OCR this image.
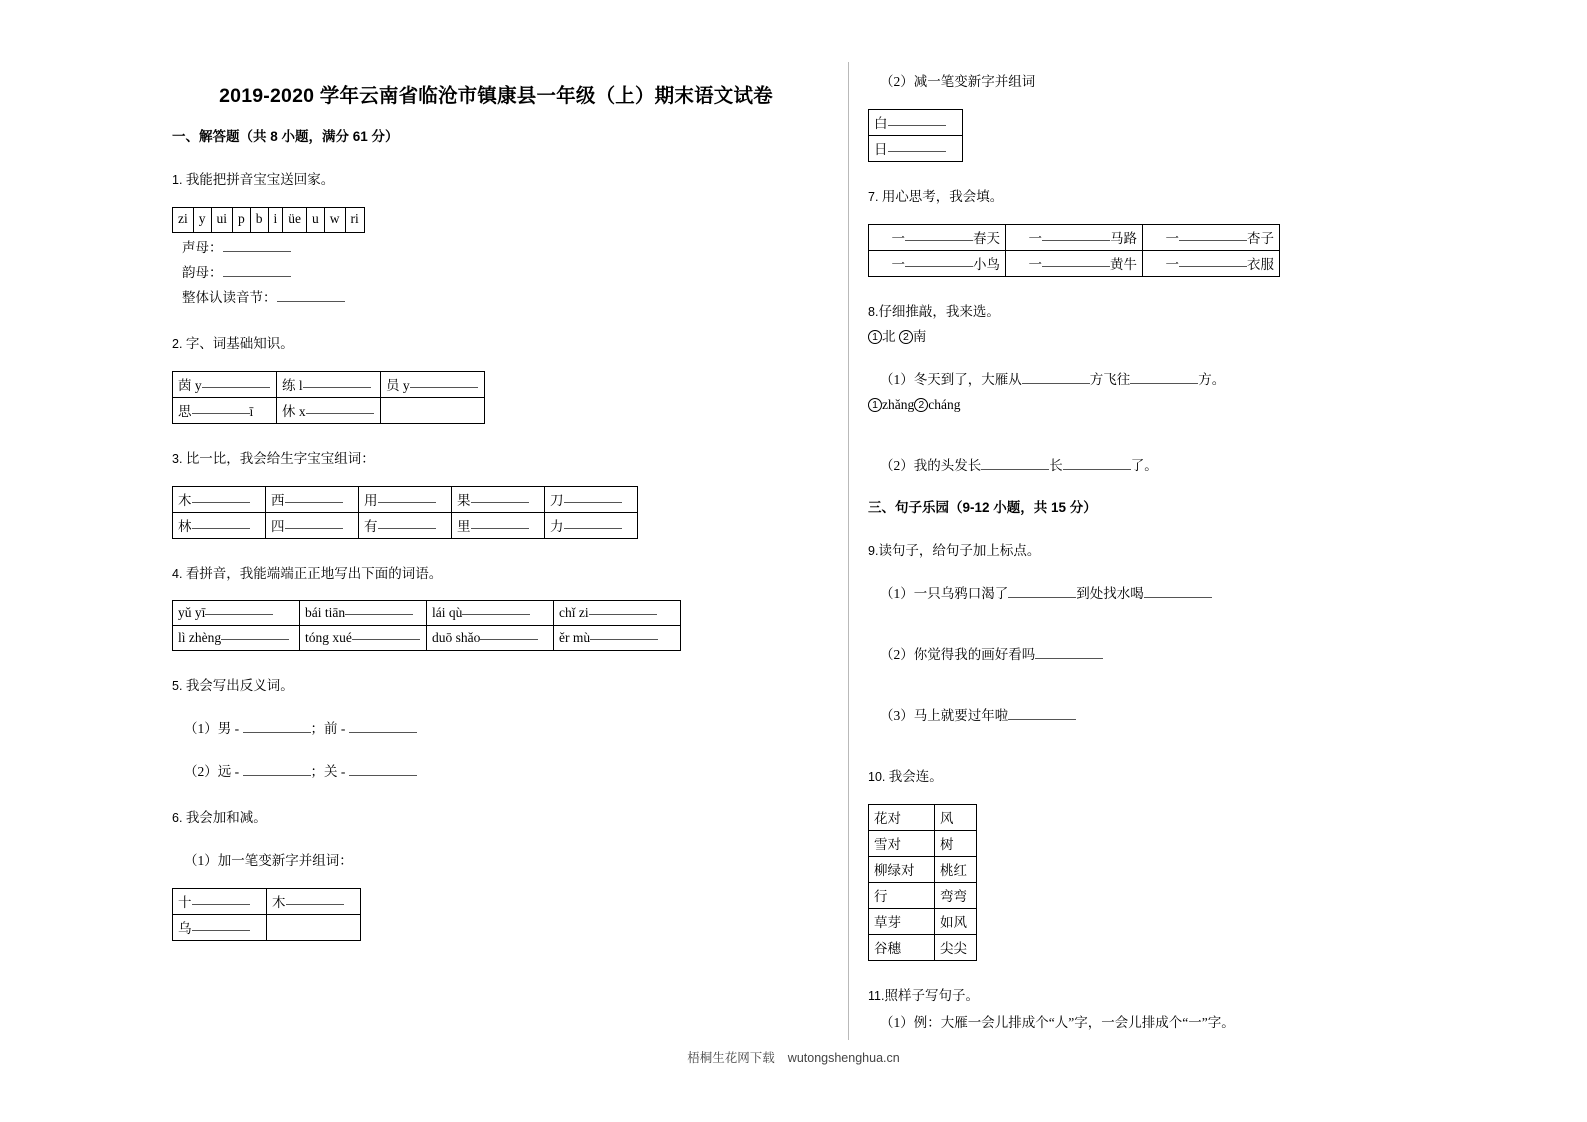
2019-2020 学年云南省临沧市镇康县一年级（上）期末语文试卷
一、解答题（共 8 小题，满分 61 分）
1. 我能把拼音宝宝送回家。
zi	y	ui	p	b	i	üe	u	w	ri
声母：
韵母：
整体认读音节：
2. 字、词基础知识。
茵 y	练 l	员 y
思 ī	休 x	
3. 比一比，我会给生字宝宝组词：
木	西	用	果	刀
林	四	有	里	力
4. 看拼音，我能端端正正地写出下面的词语。
yǔ yī	bái tiān	lái qù	chǐ zi
lì zhèng	tóng xué	duō shǎo	ěr mù
5. 我会写出反义词。
（1）男 -	；前 -
（2）远 -	；关 -
6. 我会加和减。
（1）加一笔变新字并组词：
十	木
乌	
（2）减一笔变新字并组词
白
日
7. 用心思考，我会填。
一 春天	一 马路	一 杏子
一 小鸟	一 黄牛	一 衣服
8.仔细推敲，我来选。
1 北 2 南
（1）冬天到了，大雁从	方飞往	方。
1 zhǎng 2 cháng
（2）我的头发长	长	了。
三、句子乐园（9-12 小题，共 15 分）
9.读句子，给句子加上标点。
（1）一只乌鸦口渴了	到处找水喝
（2）你觉得我的画好看吗
（3）马上就要过年啦
10. 我会连。
花对	风
雪对	树
柳绿对	桃红
行	弯弯
草芽	如风
谷穗	尖尖
11.照样子写句子。
（1）例：大雁一会儿排成个“人”字，一会儿排成个“一”字。
梧桐生花网下载 wutongshenghua.cn
